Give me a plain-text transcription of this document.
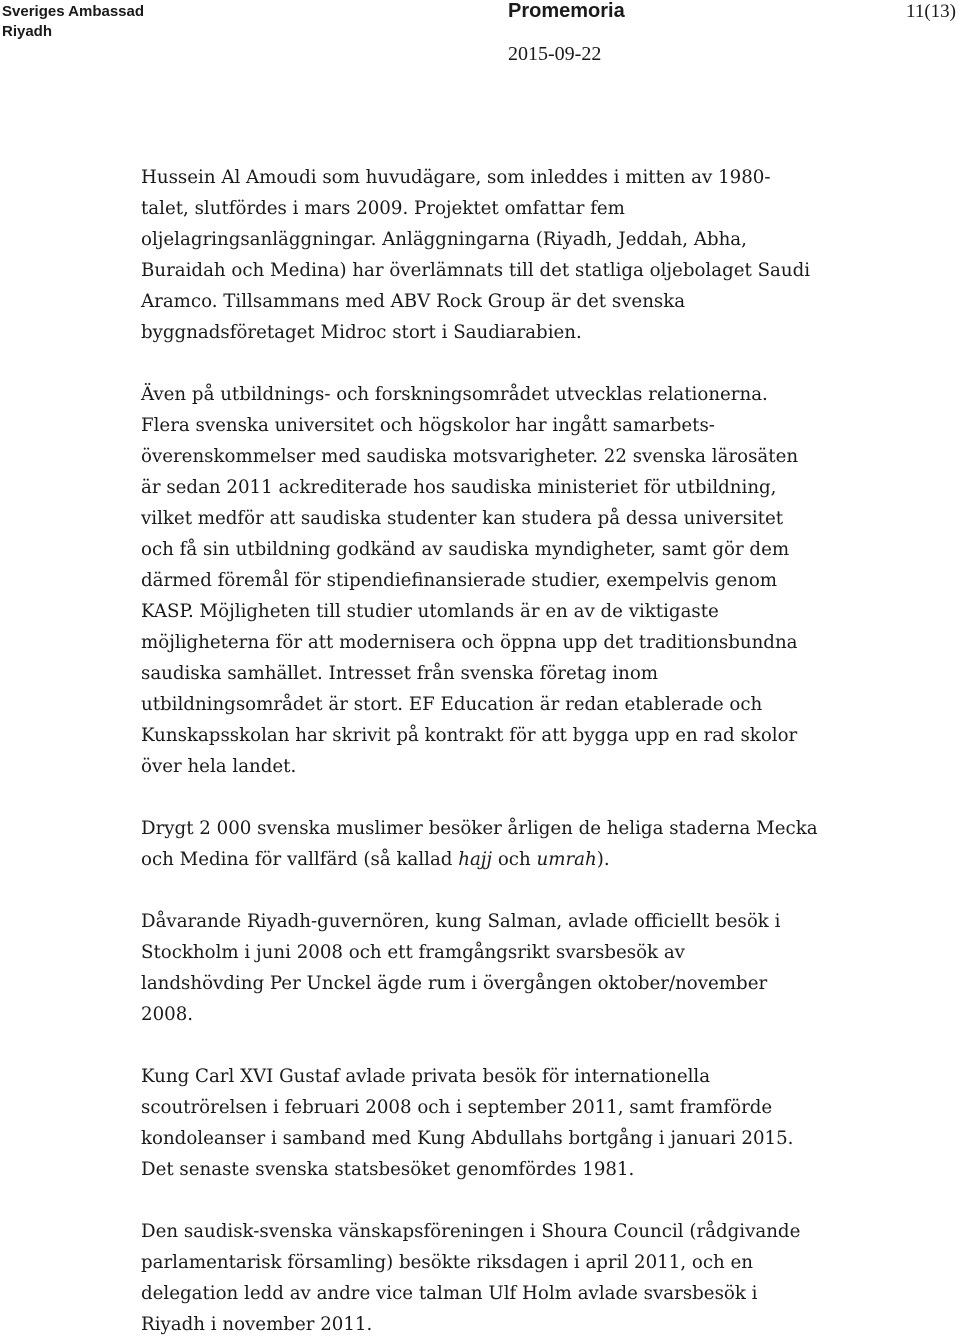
Sveriges Ambassad
Riyadh
Promemoria
2015-09-22
11(13)

Hussein Al Amoudi som huvudägare, som inleddes i mitten av 1980-
talet, slutfördes i mars 2009. Projektet omfattar fem
oljelagringsanläggningar. Anläggningarna (Riyadh, Jeddah, Abha,
Buraidah och Medina) har överlämnats till det statliga oljebolaget Saudi
Aramco. Tillsammans med ABV Rock Group är det svenska
byggnadsföretaget Midroc stort i Saudiarabien.

Även på utbildnings- och forskningsområdet utvecklas relationerna.
Flera svenska universitet och högskolor har ingått samarbets-
överenskommelser med saudiska motsvarigheter. 22 svenska lärosäten
är sedan 2011 ackrediterade hos saudiska ministeriet för utbildning,
vilket medför att saudiska studenter kan studera på dessa universitet
och få sin utbildning godkänd av saudiska myndigheter, samt gör dem
därmed föremål för stipendiefinansierade studier, exempelvis genom
KASP. Möjligheten till studier utomlands är en av de viktigaste
möjligheterna för att modernisera och öppna upp det traditionsbundna
saudiska samhället. Intresset från svenska företag inom
utbildningsområdet är stort. EF Education är redan etablerade och
Kunskapsskolan har skrivit på kontrakt för att bygga upp en rad skolor
över hela landet.

Drygt 2 000 svenska muslimer besöker årligen de heliga staderna Mecka
och Medina för vallfärd (så kallad hajj och umrah).

Dåvarande Riyadh-guvernören, kung Salman, avlade officiellt besök i
Stockholm i juni 2008 och ett framgångsrikt svarsbesök av
landshövding Per Unckel ägde rum i övergången oktober/november
2008.

Kung Carl XVI Gustaf avlade privata besök för internationella
scoutrörelsen i februari 2008 och i september 2011, samt framförde
kondoleanser i samband med Kung Abdullahs bortgång i januari 2015.
Det senaste svenska statsbesöket genomfördes 1981.

Den saudisk-svenska vänskapsföreningen i Shoura Council (rådgivande
parlamentarisk församling) besökte riksdagen i april 2011, och en
delegation ledd av andre vice talman Ulf Holm avlade svarsbesök i
Riyadh i november 2011.
